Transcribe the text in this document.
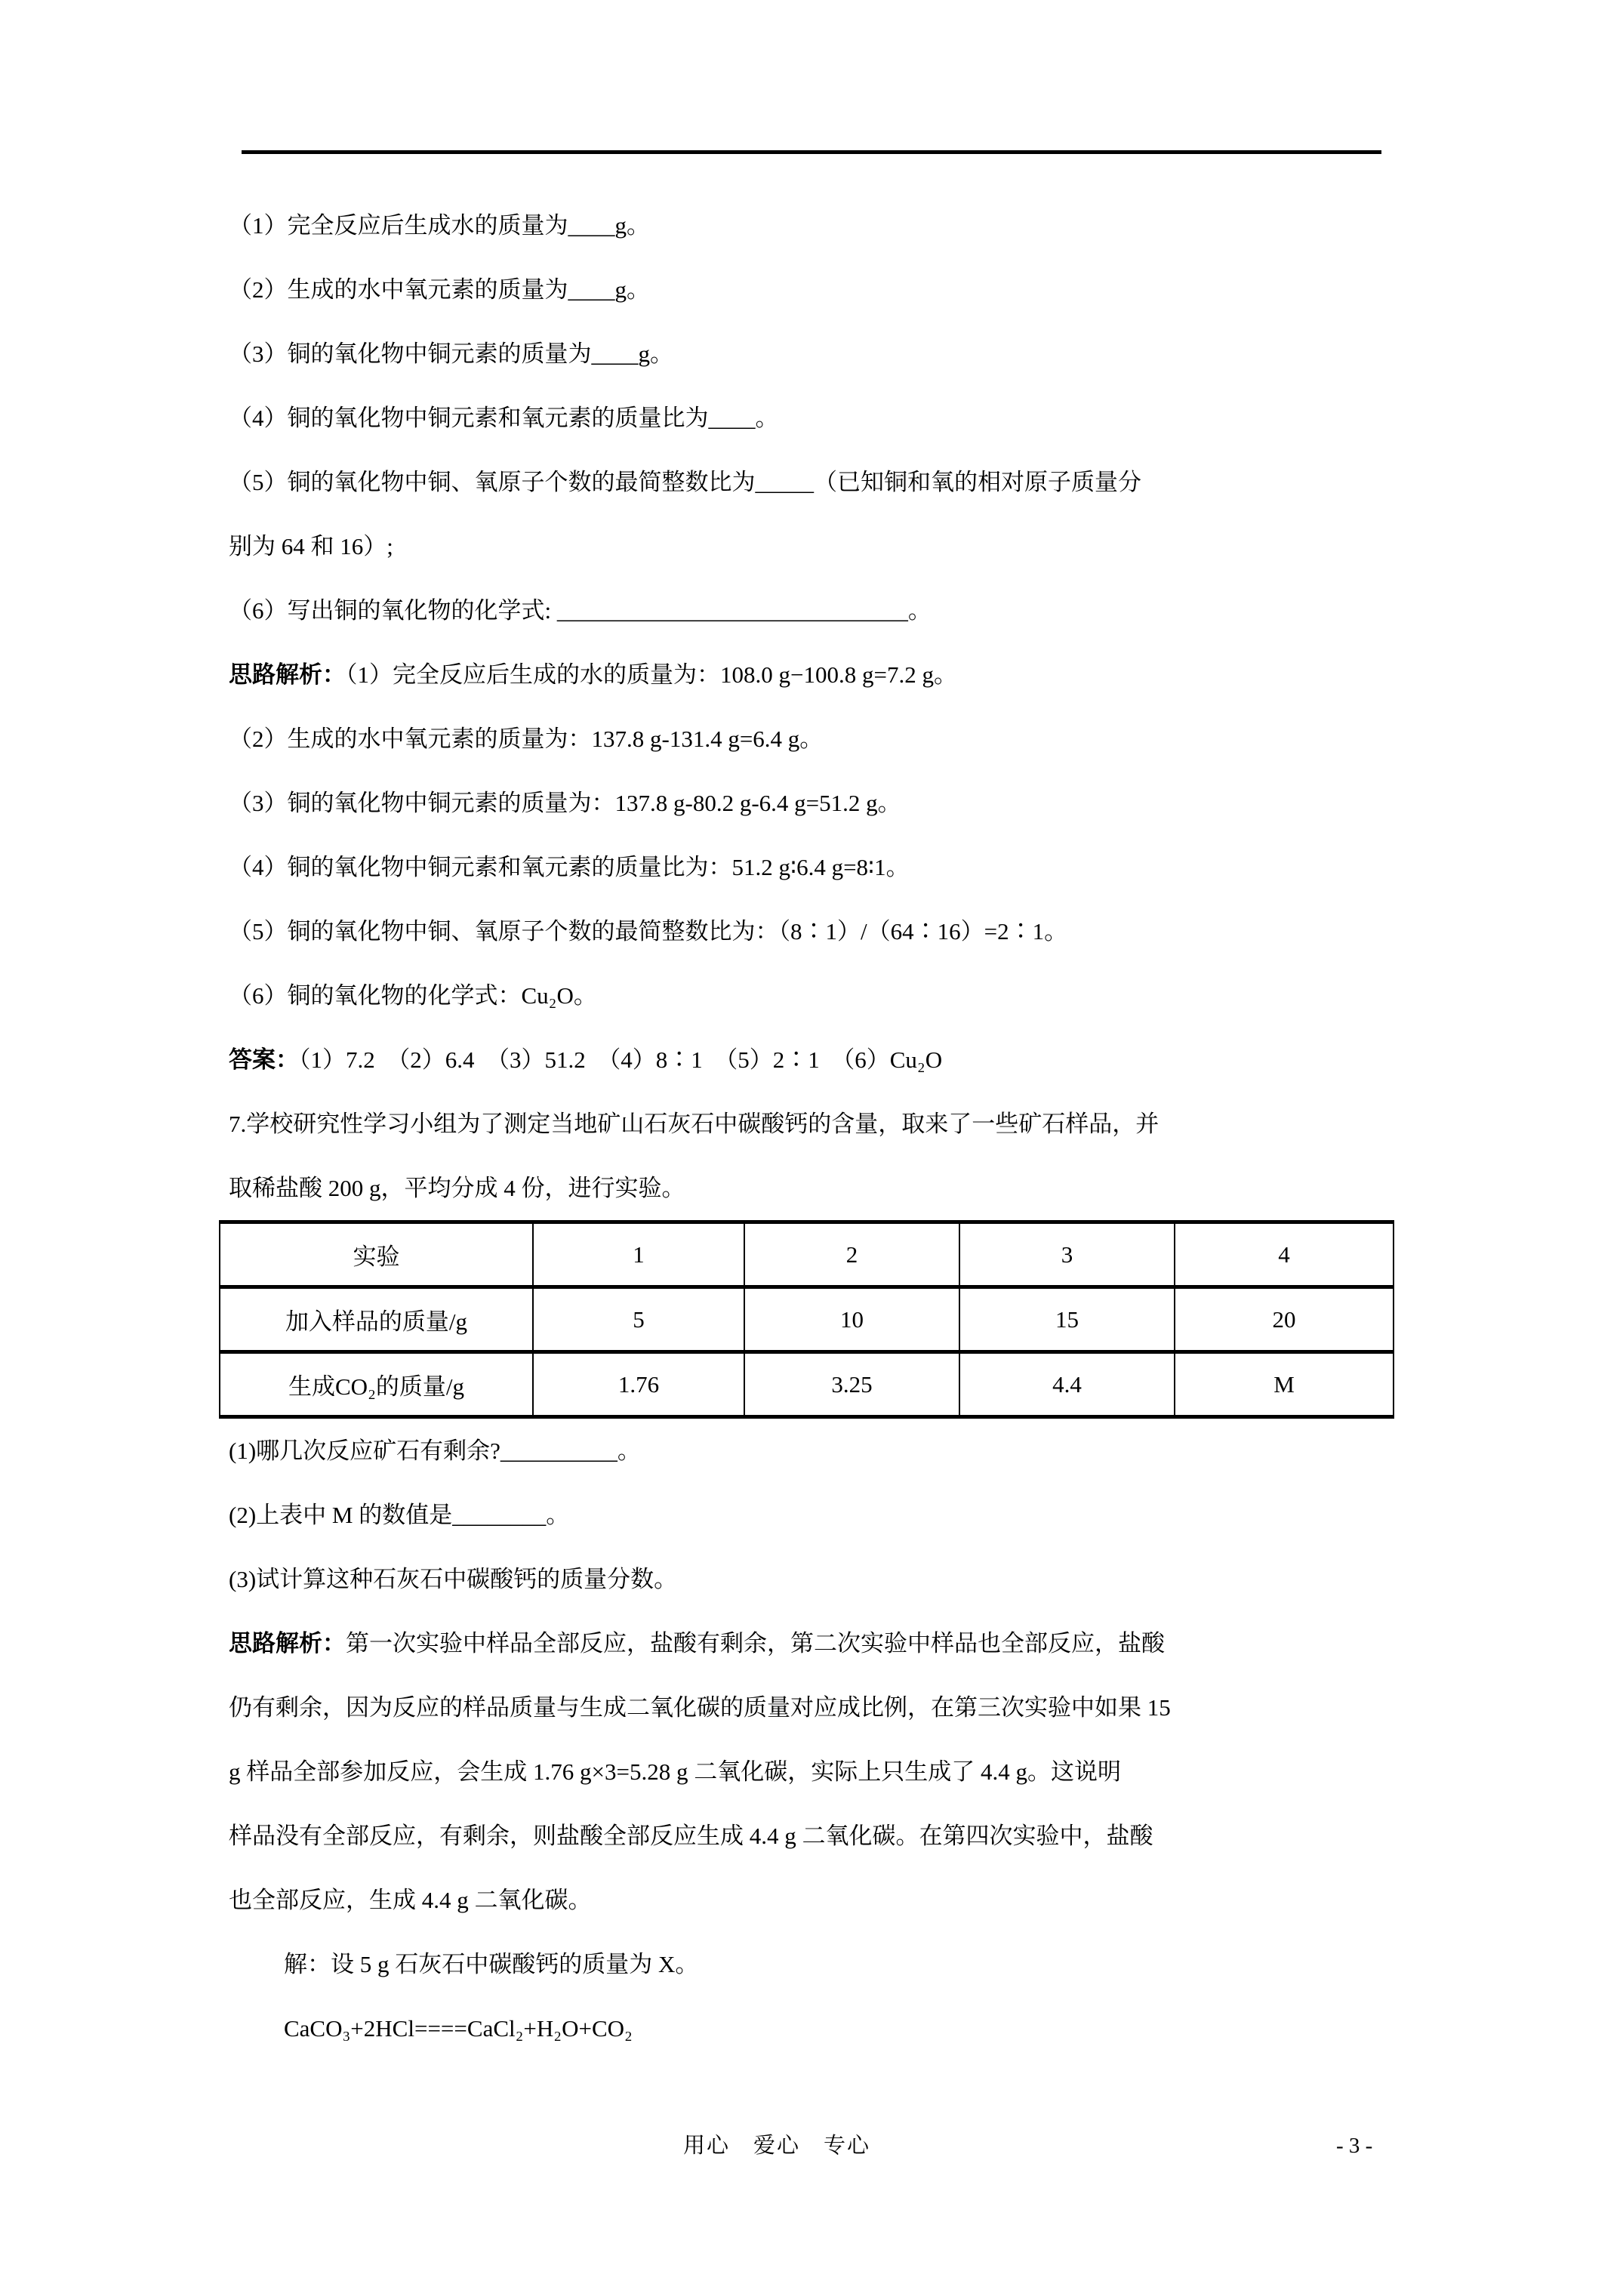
（1）完全反应后生成水的质量为____g。
（2）生成的水中氧元素的质量为____g。
（3）铜的氧化物中铜元素的质量为____g。
（4）铜的氧化物中铜元素和氧元素的质量比为____。
（5）铜的氧化物中铜、氧原子个数的最简整数比为_____（已知铜和氧的相对原子质量分
别为 64 和 16）;
（6）写出铜的氧化物的化学式: ______________________________。
思路解析：（1）完全反应后生成的水的质量为：108.0 g−100.8 g=7.2 g。
（2）生成的水中氧元素的质量为：137.8 g-131.4 g=6.4 g。
（3）铜的氧化物中铜元素的质量为：137.8 g-80.2 g-6.4 g=51.2 g。
（4）铜的氧化物中铜元素和氧元素的质量比为：51.2 g∶6.4 g=8∶1。
（5）铜的氧化物中铜、氧原子个数的最简整数比为：（8∶1）/（64∶16）=2∶1。
（6）铜的氧化物的化学式：Cu₂O。
答案：（1）7.2　（2）6.4　（3）51.2　（4）8∶1　（5）2∶1　（6）Cu₂O
7.学校研究性学习小组为了测定当地矿山石灰石中碳酸钙的含量，取来了一些矿石样品，并
取稀盐酸 200 g，平均分成 4 份，进行实验。
实验	1	2	3	4
加入样品的质量/g	5	10	15	20
生成CO₂的质量/g	1.76	3.25	4.4	M
(1)哪几次反应矿石有剩余?__________。
(2)上表中 M 的数值是________。
(3)试计算这种石灰石中碳酸钙的质量分数。
思路解析：第一次实验中样品全部反应，盐酸有剩余，第二次实验中样品也全部反应，盐酸
仍有剩余，因为反应的样品质量与生成二氧化碳的质量对应成比例，在第三次实验中如果 15
g 样品全部参加反应，会生成 1.76 g×3=5.28 g 二氧化碳，实际上只生成了 4.4 g。这说明
样品没有全部反应，有剩余，则盐酸全部反应生成 4.4 g 二氧化碳。在第四次实验中，盐酸
也全部反应，生成 4.4 g 二氧化碳。
解：设 5 g 石灰石中碳酸钙的质量为 X。
CaCO₃+2HCl====CaCl₂+H₂O+CO₂
用心　爱心　专心	- 3 -
